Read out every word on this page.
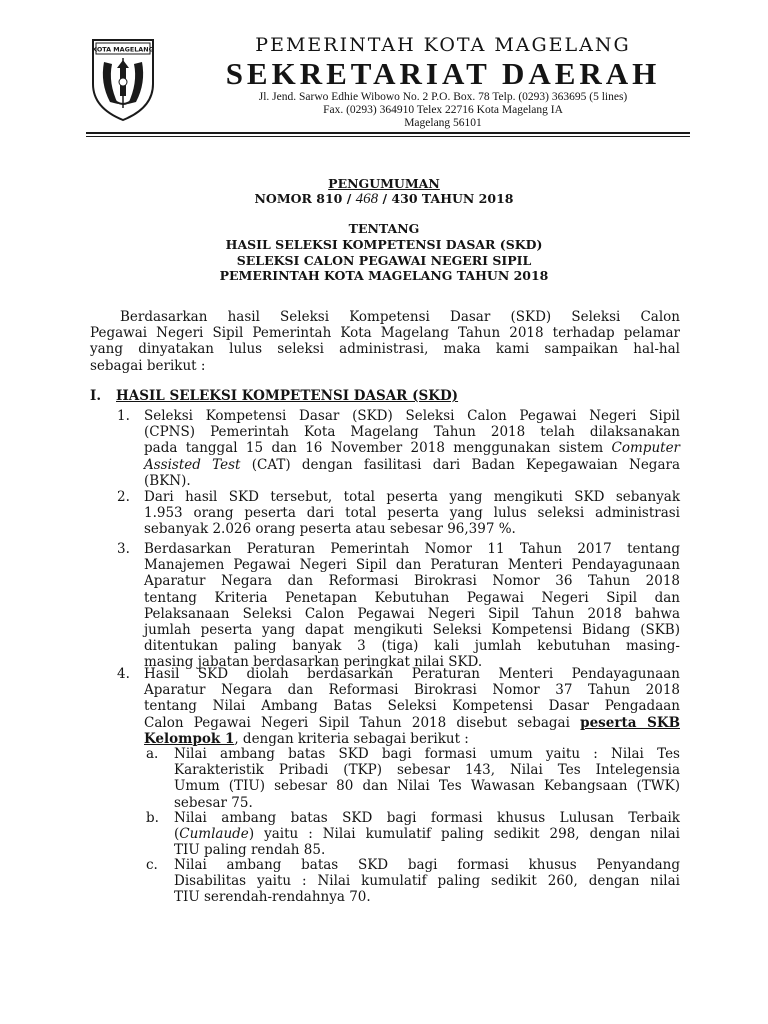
KOTA MAGELANG	PEMERINTAH KOTA MAGELANG
SEKRETARIAT DAERAH
Jl. Jend. Sarwo Edhie Wibowo No. 2 P.O. Box. 78 Telp. (0293) 363695 (5 lines)
Fax. (0293) 364910 Telex 22716 Kota Magelang IA
Magelang 56101
PENGUMUMAN
NOMOR 810 / 468 / 430 TAHUN 2018
TENTANG
HASIL SELEKSI KOMPETENSI DASAR (SKD)
SELEKSI CALON PEGAWAI NEGERI SIPIL
PEMERINTAH KOTA MAGELANG TAHUN 2018
Berdasarkan hasil Seleksi Kompetensi Dasar (SKD) Seleksi Calon
Pegawai Negeri Sipil Pemerintah Kota Magelang Tahun 2018 terhadap pelamar
yang dinyatakan lulus seleksi administrasi, maka kami sampaikan hal-hal
sebagai berikut :
I. HASIL SELEKSI KOMPETENSI DASAR (SKD)
1. Seleksi Kompetensi Dasar (SKD) Seleksi Calon Pegawai Negeri Sipil
(CPNS) Pemerintah Kota Magelang Tahun 2018 telah dilaksanakan
pada tanggal 15 dan 16 November 2018 menggunakan sistem Computer
Assisted Test (CAT) dengan fasilitasi dari Badan Kepegawaian Negara
(BKN).
2. Dari hasil SKD tersebut, total peserta yang mengikuti SKD sebanyak
1.953 orang peserta dari total peserta yang lulus seleksi administrasi
sebanyak 2.026 orang peserta atau sebesar 96,397 %.
3. Berdasarkan Peraturan Pemerintah Nomor 11 Tahun 2017 tentang
Manajemen Pegawai Negeri Sipil dan Peraturan Menteri Pendayagunaan
Aparatur Negara dan Reformasi Birokrasi Nomor 36 Tahun 2018
tentang Kriteria Penetapan Kebutuhan Pegawai Negeri Sipil dan
Pelaksanaan Seleksi Calon Pegawai Negeri Sipil Tahun 2018 bahwa
jumlah peserta yang dapat mengikuti Seleksi Kompetensi Bidang (SKB)
ditentukan paling banyak 3 (tiga) kali jumlah kebutuhan masing-
masing jabatan berdasarkan peringkat nilai SKD.
4. Hasil SKD diolah berdasarkan Peraturan Menteri Pendayagunaan
Aparatur Negara dan Reformasi Birokrasi Nomor 37 Tahun 2018
tentang Nilai Ambang Batas Seleksi Kompetensi Dasar Pengadaan
Calon Pegawai Negeri Sipil Tahun 2018 disebut sebagai peserta SKB
Kelompok 1, dengan kriteria sebagai berikut :
a. Nilai ambang batas SKD bagi formasi umum yaitu : Nilai Tes
Karakteristik Pribadi (TKP) sebesar 143, Nilai Tes Intelegensia
Umum (TIU) sebesar 80 dan Nilai Tes Wawasan Kebangsaan (TWK)
sebesar 75.
b. Nilai ambang batas SKD bagi formasi khusus Lulusan Terbaik
(Cumlaude) yaitu : Nilai kumulatif paling sedikit 298, dengan nilai
TIU paling rendah 85.
c. Nilai ambang batas SKD bagi formasi khusus Penyandang
Disabilitas yaitu : Nilai kumulatif paling sedikit 260, dengan nilai
TIU serendah-rendahnya 70.
